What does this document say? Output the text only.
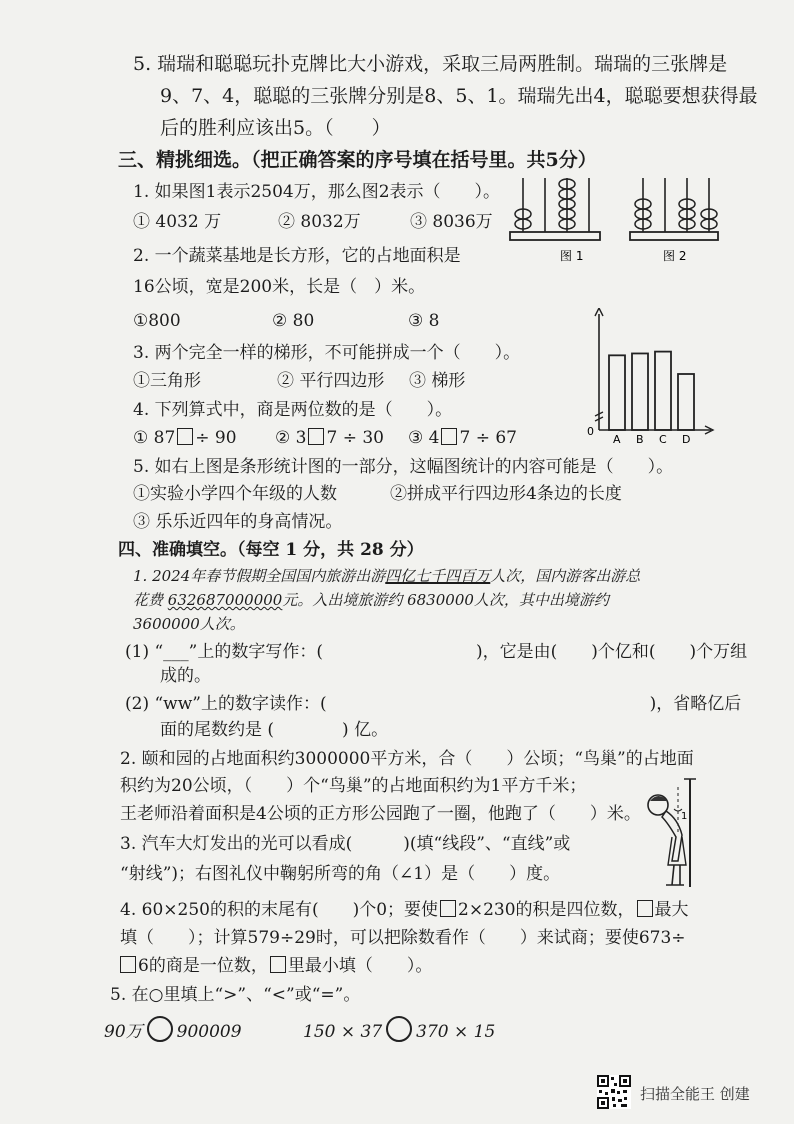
5. 瑞瑞和聪聪玩扑克牌比大小游戏，采取三局两胜制。瑞瑞的三张牌是
9、7、4，聪聪的三张牌分别是8、5、1。瑞瑞先出4，聪聪要想获得最
后的胜利应该出5。（　　）
三、精挑细选。（把正确答案的序号填在括号里。共5分）
1. 如果图1表示2504万，那么图2表示（　　）。
① 4032 万	② 8032万	③ 8036万
图 1	图 2
2. 一个蔬菜基地是长方形，它的占地面积是
16公顷，宽是200米，长是（　）米。
①800	② 80	③ 8
3. 两个完全一样的梯形，不可能拼成一个（　　）。
①三角形	② 平行四边形 ③ 梯形
4. 下列算式中，商是两位数的是（　　）。
① 87 ÷ 90 ② 3 7 ÷ 30 ③ 4 7 ÷ 67	0
A B C D
5. 如右上图是条形统计图的一部分，这幅图统计的内容可能是（　　）。
①实验小学四个年级的人数	②拼成平行四边形4条边的长度
③ 乐乐近四年的身高情况。
四、准确填空。（每空 1 分，共 28 分）
1. 2024年春节假期全国国内旅游出游四亿七千四百万人次，国内游客出游总
花费 632687000000元。入出境旅游约 6830000人次，其中出境游约
3600000人次。
(1) “___”上的数字写作：(　　　　　　　　　)，它是由(　　)个亿和(　　)个万组
成的。
(2) “ww”上的数字读作：(　　　　　　　　　　　　　　　　　　　)，省略亿后
面的尾数约是 (　　　　) 亿。
2. 颐和园的占地面积约3000000平方米，合（　　）公顷；“鸟巢”的占地面
积约为20公顷，（　　）个“鸟巢”的占地面积约为1平方千米；
王老师沿着面积是4公顷的正方形公园跑了一圈，他跑了（　　）米。	1
3. 汽车大灯发出的光可以看成(　　　)(填“线段”、“直线”或
“射线”)；右图礼仪中鞠躬所弯的角（∠1）是（　　）度。
4. 60×250的积的末尾有(　　)个0；要使 2×230的积是四位数， 最大
填（　　）；计算579÷29时，可以把除数看作（　　）来试商；要使673÷
6的商是一位数， 里最小填（　　）。
5. 在○里填上“>”、“<”或“=”。
90万 900009	150 × 37 370 × 15
扫描全能王 创建
